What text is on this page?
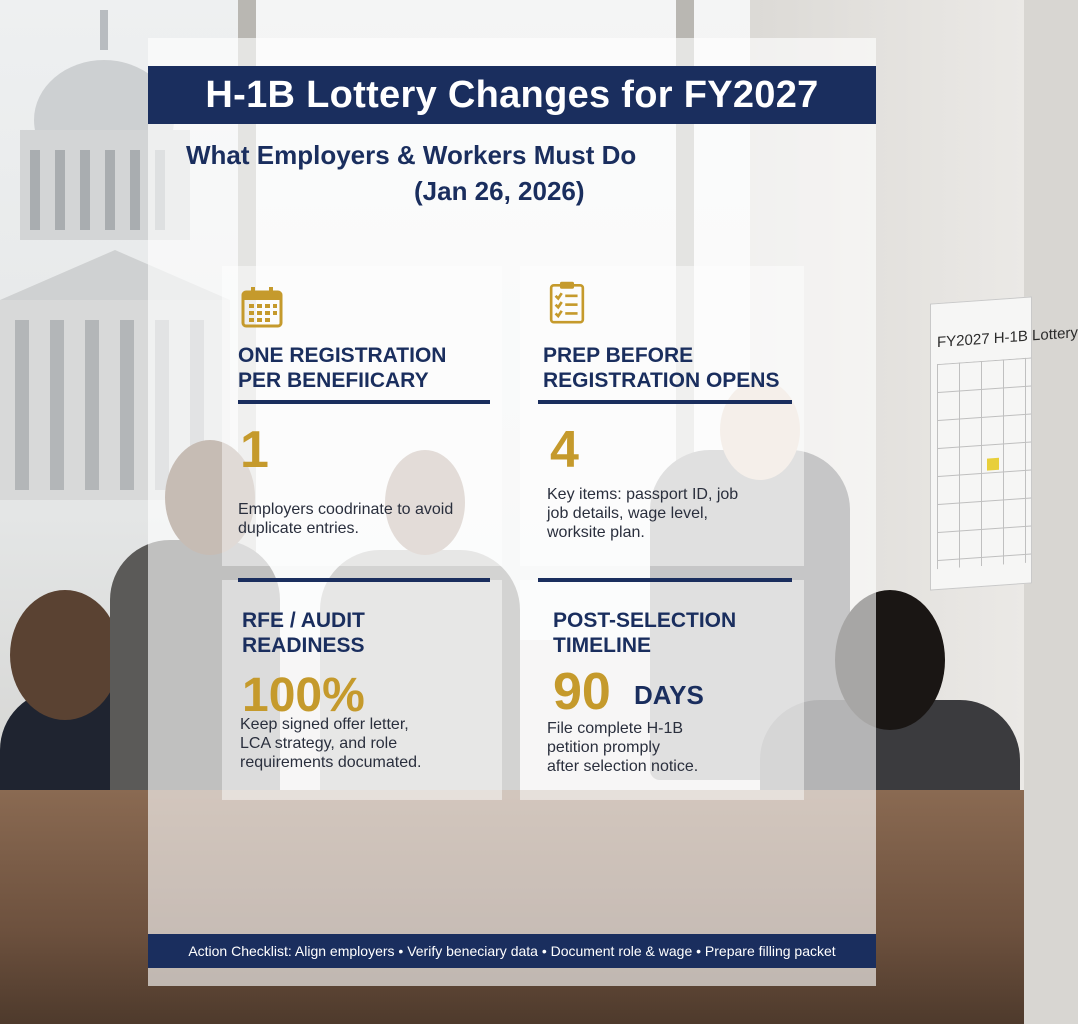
FY2027 H-1B Lottery
H-1B Lottery Changes for FY2027
What Employers & Workers Must Do
(Jan 26, 2026)
ONE REGISTRATION
PER BENEFIICARY
1
Employers coodrinate to avoid
duplicate entries.
PREP BEFORE
REGISTRATION OPENS
4
Key items: passport ID, job
job details, wage level,
worksite plan.
RFE / AUDIT
READINESS
100%
Keep signed offer letter,
LCA strategy, and role
requirements documated.
POST-SELECTION
TIMELINE
90 DAYS
File complete H-1B
petition promply
after selection notice.
Action Checklist: Align employers • Verify beneciary data • Document role & wage • Prepare filling packet
